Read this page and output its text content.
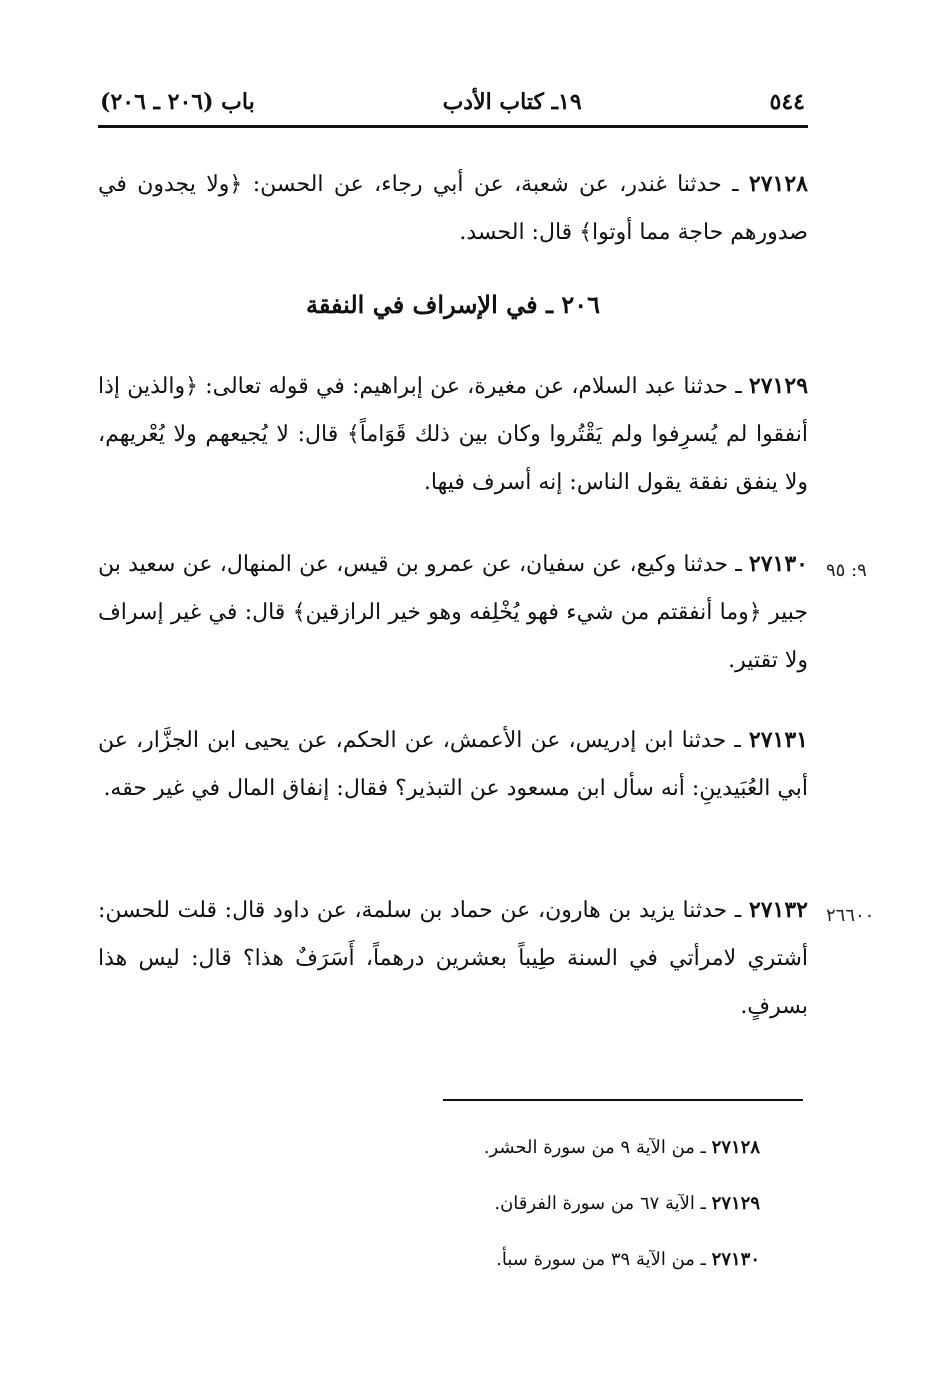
٥٤٤
١٩ـ كتاب الأدب
باب (٢٠٦ ـ ٢٠٦)
٢٧١٢٨ ـ حدثنا غندر، عن شعبة، عن أبي رجاء، عن الحسن: ﴿ولا يجدون في صدورهم حاجة مما أوتوا﴾ قال: الحسد.
٢٠٦ ـ في الإسراف في النفقة
٢٧١٢٩ ـ حدثنا عبد السلام، عن مغيرة، عن إبراهيم: في قوله تعالى: ﴿والذين إذا أنفقوا لم يُسرِفوا ولم يَقْتُروا وكان بين ذلك قَوَاماً﴾ قال: لا يُجيعهم ولا يُعْريهم، ولا ينفق نفقة يقول الناس: إنه أسرف فيها.
٩: ٩٥
٢٧١٣٠ ـ حدثنا وكيع، عن سفيان، عن عمرو بن قيس، عن المنهال، عن سعيد بن جبير ﴿وما أنفقتم من شيء فهو يُخْلِفه وهو خير الرازقين﴾ قال: في غير إسراف ولا تقتير.
٢٧١٣١ ـ حدثنا ابن إدريس، عن الأعمش، عن الحكم، عن يحيى ابن الجزَّار، عن أبي العُبَيدينِ: أنه سأل ابن مسعود عن التبذير؟ فقال: إنفاق المال في غير حقه.
٢٦٦٠٠
٢٧١٣٢ ـ حدثنا يزيد بن هارون، عن حماد بن سلمة، عن داود قال: قلت للحسن: أشتري لامرأتي في السنة طِيباً بعشرين درهماً، أَسَرَفٌ هذا؟ قال: ليس هذا بسرفٍ.
٢٧١٢٨ ـ من الآية ٩ من سورة الحشر.
٢٧١٢٩ ـ الآية ٦٧ من سورة الفرقان.
٢٧١٣٠ ـ من الآية ٣٩ من سورة سبأ.
